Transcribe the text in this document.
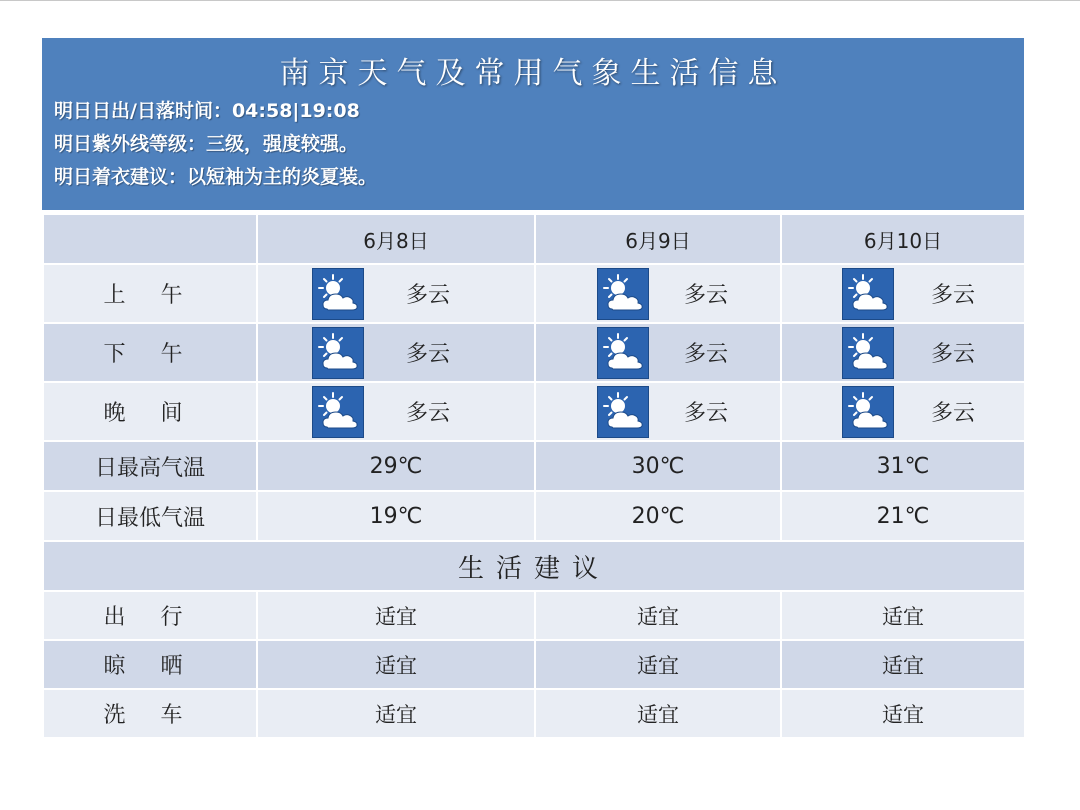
南京天气及常用气象生活信息
明日日出/日落时间：04:58|19:08
明日紫外线等级：三级，强度较强。
明日着衣建议：以短袖为主的炎夏装。
	6月8日	6月9日	6月10日
上 午	多云	多云	多云

下 午	多云	多云	多云

晚 间	多云	多云	多云

日最高气温	29℃	30℃	31℃
日最低气温	19℃	20℃	21℃
生活建议			
出 行	适宜	适宜	适宜
晾 晒	适宜	适宜	适宜
洗 车	适宜	适宜	适宜
